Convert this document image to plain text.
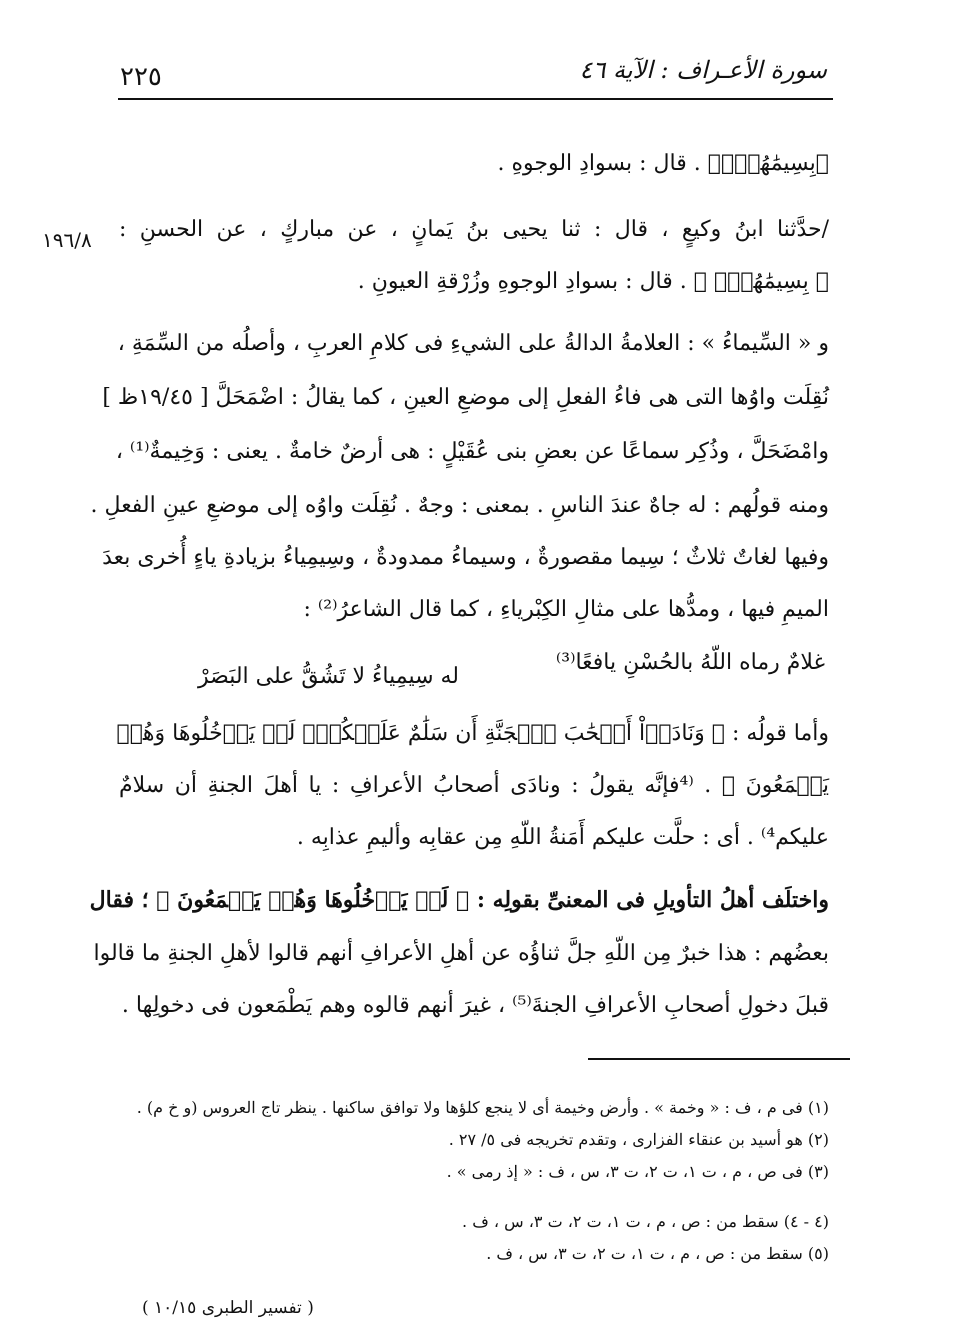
٢٢٥	سورة الأعـراف : الآية ٤٦
١٩٦/٨
﴿بِسِيمَٰهُمۡۚ﴾ . قال : بسوادِ الوجوهِ .
/حدَّثنا ابنُ وكيعٍ ، قال : ثنا يحيى بنُ يَمانٍ ، عن مباركٍ ، عن الحسنِ :
﴿ بِسِيمَٰهُمۡۚ ﴾ . قال : بسوادِ الوجوهِ وزُرْقةِ العيونِ .
و « السِّيماءُ » : العلامةُ الدالةُ على الشيءِ فى كلامِ العربِ ، وأصلُه من السِّمَةِ ،
نُقِلَت واوُها التى هى فاءُ الفعلِ إلى موضعِ العينِ ، كما يقالُ : اضْمَحَلَّ [ ١٩/٤٥ظ ]
وامْضَحَلَّ ، وذُكِر سماعًا عن بعضِ بنى عُقَيْلٍ : هى أرضٌ خامةٌ . يعنى : وَخِيمةٌ⁽¹⁾ ،
ومنه قولُهم : له جاهٌ عندَ الناسِ . بمعنى : وجهٌ . نُقِلَت واوُه إلى موضعِ عينِ الفعلِ .
وفيها لغاتٌ ثلاثٌ ؛ سِيما مقصورةٌ ، وسيماءُ ممدودةٌ ، وسِيمِياءُ بزيادةِ ياءٍ أُخرى بعدَ
الميمِ فيها ، ومدُّها على مثالِ الكِبْرياءِ ، كما قال الشاعرُ⁽²⁾ :
غلامٌ رماه اللّهُ بالحُسْنِ يافعًا⁽³⁾
له سِيمِياءُ لا تَشُقُّ على البَصَرْ
وأما قولُه : ﴿ وَنَادَوۡاْ أَصۡحَٰبَ ٱلۡجَنَّةِ أَن سَلَٰمٌ عَلَيۡكُمۡۚ لَمۡ يَدۡخُلُوهَا وَهُمۡ
يَطۡمَعُونَ ﴾ . ⁽⁴فإنَّه يقولُ : ونادَى أصحابُ الأعرافِ : يا أهلَ الجنةِ أن سلامٌ
عليكم⁴⁾ . أى : حلَّت عليكم أَمَنةُ اللّهِ مِن عقابِه وأليمِ عذابِه .
واختلَف أهلُ التأويلِ فى المعنىِّ بقولِه : ﴿ لَمۡ يَدۡخُلُوهَا وَهُمۡ يَطۡمَعُونَ ﴾ ؛ فقال
بعضُهم : هذا خبرٌ مِن اللّهِ جلَّ ثناؤُه عن أهلِ الأعرافِ أنهم قالوا لأهلِ الجنةِ ما قالوا
قبلَ دخولِ أصحابِ الأعرافِ الجنةَ⁽⁵⁾ ، غيرَ أنهم قالوه وهم يَطْمَعون فى دخولِها .
(١) فى م ، ف : « وخمة » . وأرض وخيمة أى لا ينجع كلؤها ولا توافق ساكنها . ينظر تاج العروس (و خ م) .
(٢) هو أسيد بن عنقاء الفزارى ، وتقدم تخريجه فى ٥/ ٢٧ .
(٣) فى ص ، م ، ت ١، ت ٢، ت ٣، س ، ف : « إذ رمى » .
(٤ - ٤) سقط من : ص ، م ، ت ١، ت ٢، ت ٣، س ، ف .
(٥) سقط من : ص ، م ، ت ١، ت ٢، ت ٣، س ، ف .
( تفسير الطبرى ١٠/١٥ )
